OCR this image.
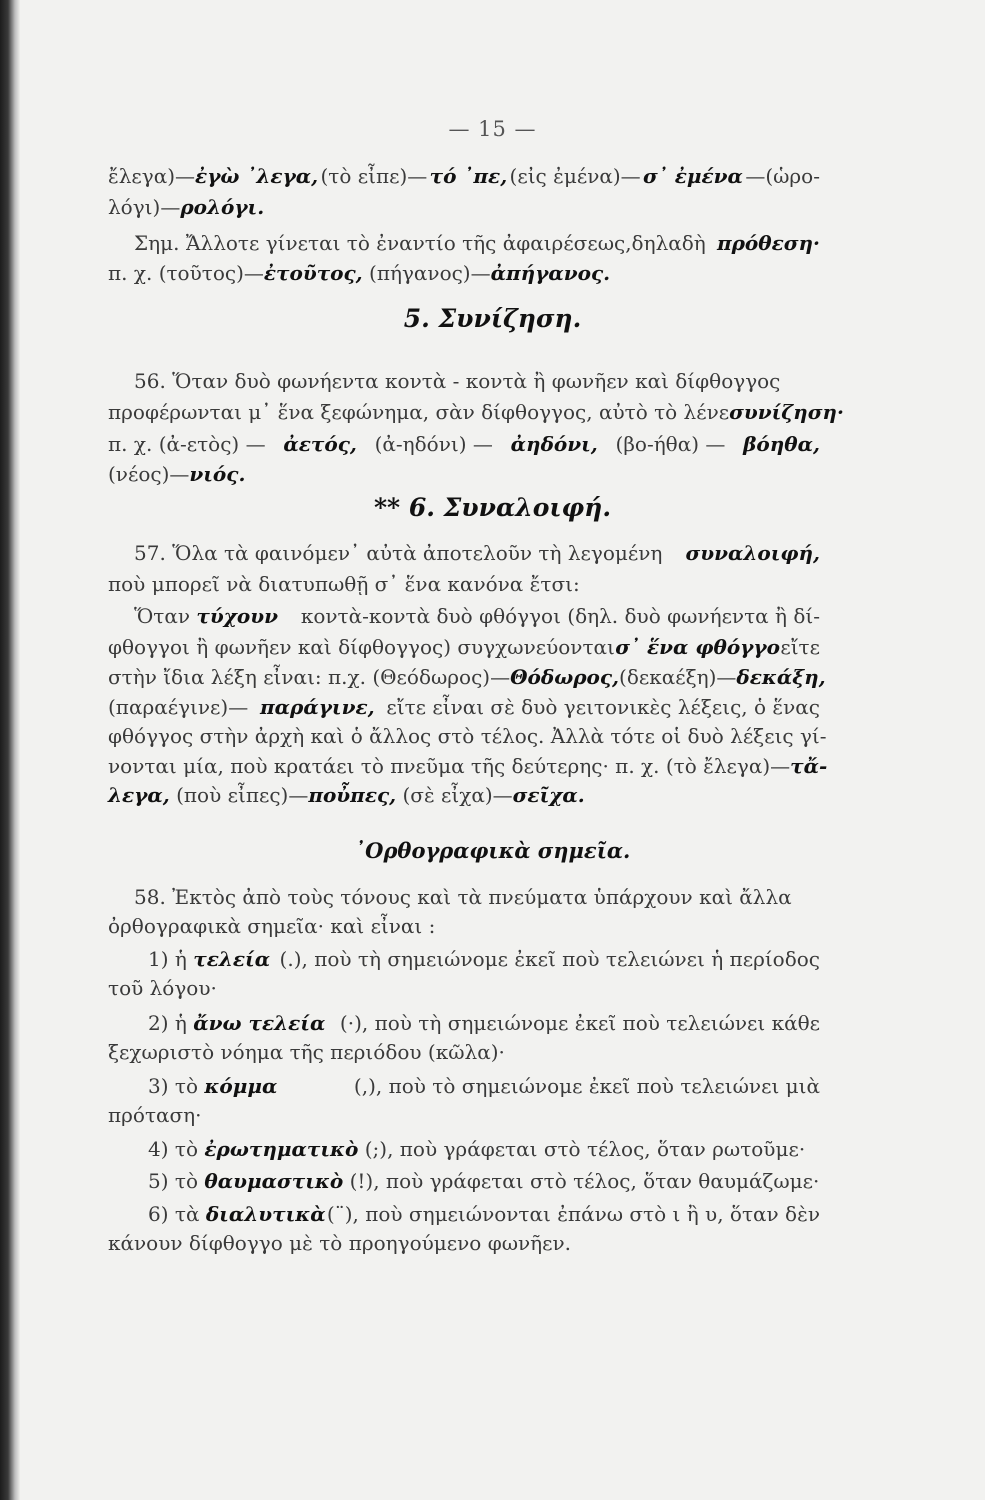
— 15 —
ἔλεγα)—ἐγὼ ᾽λεγα, (τὸ εἶπε)— τό ᾽πε, (εἰς ἐμένα)— σ᾽ ἐμένα —(ὡρο-
λόγι)—ρολόγι.
Σημ. Ἄλλοτε γίνεται τὸ ἐναντίο τῆς ἀφαιρέσεως,δηλαδὴ πρόθεση·
π. χ. (τοῦτος)—ἐτοῦτος, (πήγανος)—ἀπήγανος.
5. Συνίζηση.
56. Ὅταν δυὸ φωνήεντα κοντὰ - κοντὰ ἢ φωνῆεν καὶ δίφθογγος
προφέρωνται μ᾽ ἕνα ξεφώνημα, σὰν δίφθογγος, αὐτὸ τὸ λένε συνίζηση·
π. χ. (ἀ-ετὸς) — ἀετός, (ἀ-ηδόνι) — ἀηδόνι, (βο-ήθα) — βόηθα,
(νέος)—νιός.
** 6. Συναλοιφή.
57. Ὅλα τὰ φαινόμεν᾽ αὐτὰ ἀποτελοῦν τὴ λεγομένη συναλοιφή,
ποὺ μπορεῖ νὰ διατυπωθῇ σ᾽ ἕνα κανόνα ἔτσι:
Ὅταν τύχουν κοντὰ-κοντὰ δυὸ φθόγγοι (δηλ. δυὸ φωνήεντα ἢ δί-
φθογγοι ἢ φωνῆεν καὶ δίφθογγος) συγχωνεύονται σ᾽ ἕνα φθόγγο εἴτε
στὴν ἴδια λέξη εἶναι: π.χ. (Θεόδωρος)— Θόδωρος, (δεκαέξη)— δεκάξη,
(παραέγινε)— παράγινε, εἴτε εἶναι σὲ δυὸ γειτονικὲς λέξεις, ὁ ἕνας
φθόγγος στὴν ἀρχὴ καὶ ὁ ἄλλος στὸ τέλος. Ἀλλὰ τότε οἱ δυὸ λέξεις γί-
νονται μία, ποὺ κρατάει τὸ πνεῦμα τῆς δεύτερης· π. χ. (τὸ ἔλεγα)— τἄ-
λεγα, (ποὺ εἶπες)—ποὖπες, (σὲ εἶχα)—σεῖχα.
᾽Ορθογραφικὰ σημεῖα.
58. Ἐκτὸς ἀπὸ τοὺς τόνους καὶ τὰ πνεύματα ὑπάρχουν καὶ ἄλλα
ὀρθογραφικὰ σημεῖα· καὶ εἶναι :
1) ἡ τελεία (.), ποὺ τὴ σημειώνομε ἐκεῖ ποὺ τελειώνει ἡ περίοδος
τοῦ λόγου·
2) ἡ ἄνω τελεία (·), ποὺ τὴ σημειώνομε ἐκεῖ ποὺ τελειώνει κάθε
ξεχωριστὸ νόημα τῆς περιόδου (κῶλα)·
3) τὸ κόμμα	(,), ποὺ τὸ σημειώνομε ἐκεῖ ποὺ τελειώνει μιὰ
πρόταση·
4) τὸ ἐρωτηματικὸ (;), ποὺ γράφεται στὸ τέλος, ὅταν ρωτοῦμε·
5) τὸ θαυμαστικὸ (!), ποὺ γράφεται στὸ τέλος, ὅταν θαυμάζωμε·
6) τὰ διαλυτικὰ (¨), ποὺ σημειώνονται ἐπάνω στὸ ι ἢ υ, ὅταν δὲν
κάνουν δίφθογγο μὲ τὸ προηγούμενο φωνῆεν.
